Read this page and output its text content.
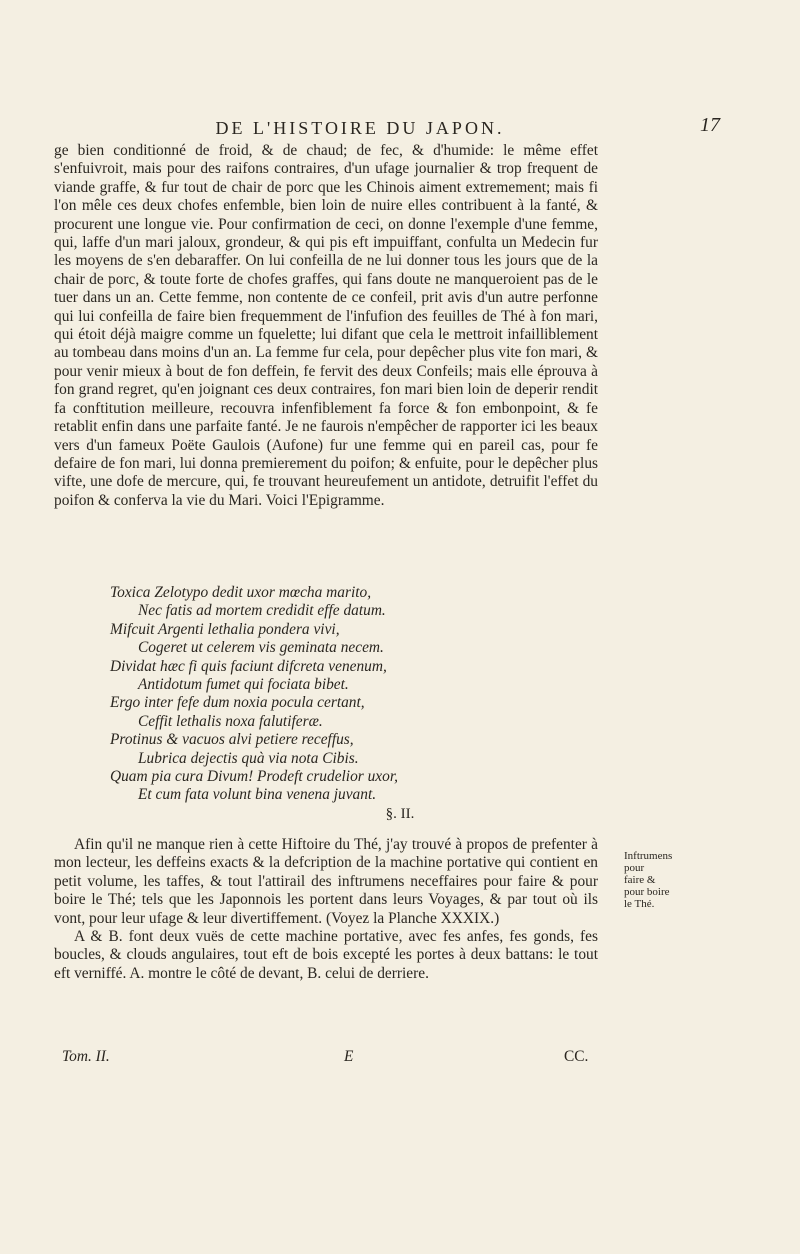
DE L'HISTOIRE DU JAPON.	17

ge bien conditionné de froid, & de chaud; de fec, & d'humide: le même effet s'enfuivroit, mais pour des raifons contraires, d'un ufage journalier & trop frequent de viande graffe, & fur tout de chair de porc que les Chinois aiment extremement; mais fi l'on mêle ces deux chofes enfemble, bien loin de nuire elles contribuent à la fanté, & procurent une longue vie. Pour confirmation de ceci, on donne l'exemple d'une femme, qui, laffe d'un mari jaloux, grondeur, & qui pis eft impuiffant, confulta un Medecin fur les moyens de s'en debaraffer. On lui confeilla de ne lui donner tous les jours que de la chair de porc, & toute forte de chofes graffes, qui fans doute ne manqueroient pas de le tuer dans un an. Cette femme, non contente de ce confeil, prit avis d'un autre perfonne qui lui confeilla de faire bien frequemment de l'infufion des feuilles de Thé à fon mari, qui étoit déjà maigre comme un fquelette; lui difant que cela le mettroit infailliblement au tombeau dans moins d'un an. La femme fur cela, pour depêcher plus vite fon mari, & pour venir mieux à bout de fon deffein, fe fervit des deux Confeils; mais elle éprouva à fon grand regret, qu'en joignant ces deux contraires, fon mari bien loin de deperir rendit fa conftitution meilleure, recouvra infenfiblement fa force & fon embonpoint, & fe retablit enfin dans une parfaite fanté. Je ne faurois n'empêcher de rapporter ici les beaux vers d'un fameux Poëte Gaulois (Aufone) fur une femme qui en pareil cas, pour fe defaire de fon mari, lui donna premierement du poifon; & enfuite, pour le depêcher plus vifte, une dofe de mercure, qui, fe trouvant heureufement un antidote, detruifit l'effet du poifon & conferva la vie du Mari. Voici l'Epigramme.

Toxica Zelotypo dedit uxor mœcha marito,
Nec fatis ad mortem credidit effe datum.
Mifcuit Argenti lethalia pondera vivi,
Cogeret ut celerem vis geminata necem.
Dividat hæc fi quis faciunt difcreta venenum,
Antidotum fumet qui fociata bibet.
Ergo inter fefe dum noxia pocula certant,
Ceffit lethalis noxa falutiferæ.
Protinus & vacuos alvi petiere receffus,
Lubrica dejectis quà via nota Cibis.
Quam pia cura Divum! Prodeft crudelior uxor,
Et cum fata volunt bina venena juvant.
§. II.

Afin qu'il ne manque rien à cette Hiftoire du Thé, j'ay trouvé à propos de prefenter à mon lecteur, les deffeins exacts & la defcription de la machine portative qui contient en petit volume, les taffes, & tout l'attirail des inftrumens neceffaires pour faire & pour boire le Thé; tels que les Japonnois les portent dans leurs Voyages, & par tout où ils vont, pour leur ufage & leur divertiffement. (Voyez la Planche XXXIX.)

A & B. font deux vuës de cette machine portative, avec fes anfes, fes gonds, fes boucles, & clouds angulaires, tout eft de bois excepté les portes à deux battans: le tout eft verniffé. A. montre le côté de devant, B. celui de derriere.

Inftrumens pour
faire &
pour boire
le Thé.
Tom. II.	E	CC.
